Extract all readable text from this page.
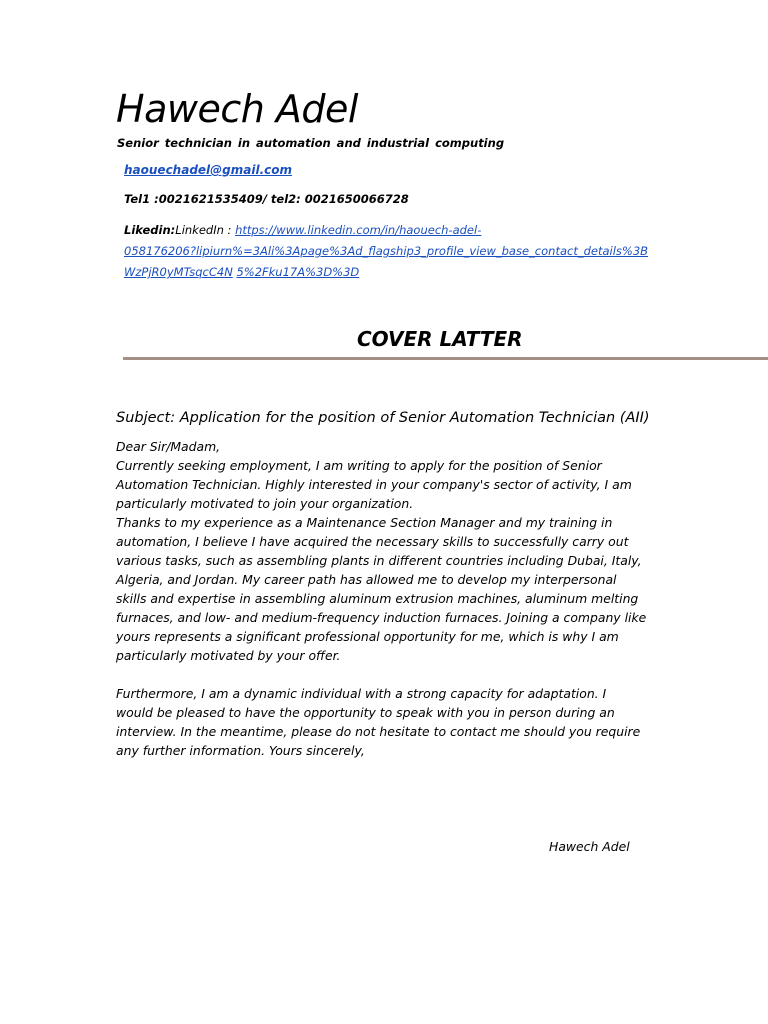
Hawech Adel
Senior technician in automation and industrial computing
haouechadel@gmail.com
Tel1 :0021621535409/ tel2: 0021650066728
Likedin:LinkedIn : https://www.linkedin.com/in/haouech-adel-
058176206?lipiurn%=3Ali%3Apage%3Ad_flagship3_profile_view_base_contact_details%3B
WzPjR0yMTsqcC4N 5%2Fku17A%3D%3D
COVER LATTER
Subject: Application for the position of Senior Automation Technician (AII)
Dear Sir/Madam,
Currently seeking employment, I am writing to apply for the position of Senior
Automation Technician. Highly interested in your company's sector of activity, I am
particularly motivated to join your organization.
Thanks to my experience as a Maintenance Section Manager and my training in
automation, I believe I have acquired the necessary skills to successfully carry out
various tasks, such as assembling plants in different countries including Dubai, Italy,
Algeria, and Jordan. My career path has allowed me to develop my interpersonal
skills and expertise in assembling aluminum extrusion machines, aluminum melting
furnaces, and low- and medium-frequency induction furnaces. Joining a company like
yours represents a significant professional opportunity for me, which is why I am
particularly motivated by your offer.
Furthermore, I am a dynamic individual with a strong capacity for adaptation. I
would be pleased to have the opportunity to speak with you in person during an
interview. In the meantime, please do not hesitate to contact me should you require
any further information. Yours sincerely,
Hawech Adel
